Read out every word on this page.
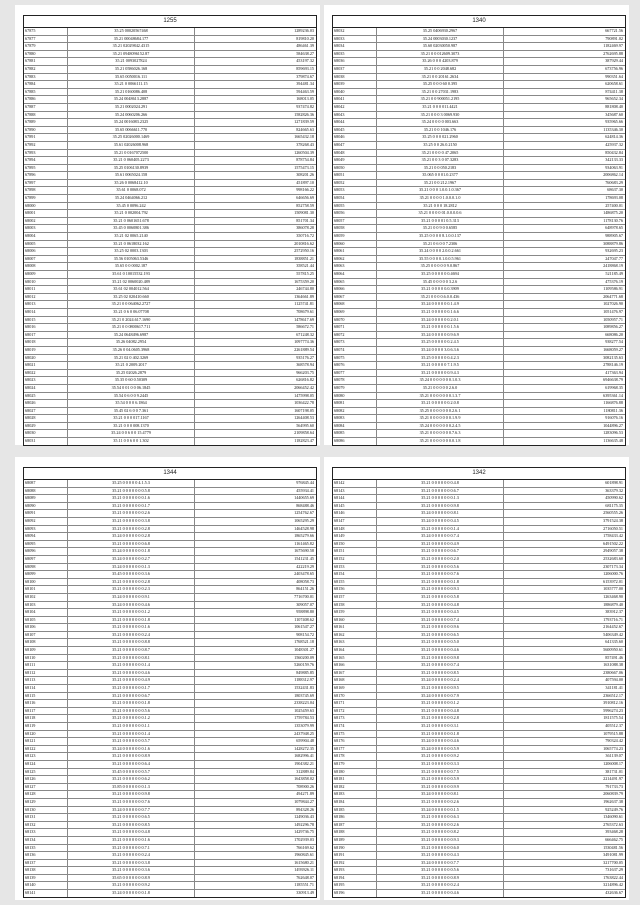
1255
67875	35.25 00020567468	1289236.03
67877	35.21 00048684.177	819810.20
67879	35.21 02029842.4315	486461.39
67880	35.21 0948096152.87	584638.27
67881	35.21 0093027824	453197.32
67882	35.21 0586026.168	859693.15
67883	35.65 0050016.111	379874.67
67884	35.21 0 0066111.15	394481.34
67885	35.21 0160086.408	594463.59
67886	35.24 0048613.2887	168013.05
67887	35.21 0002024.291	937474.82
67888	35.24 0060206.266	1582826.36
67889	35.24 0016083.2325	1271839.59
67890	35.65 0066611.770	824665.63
67891	35.25 02026000.1469	1665432.18
67892	35.61 02026008.968	378268.43
67893	35.21 0 0167072500	1260504.39
67894	35.21 0 060405.2273	878754.84
67895	35.25 0106130.8939	1575473.15
67896	35.61 0065024.158	308201.26
67897	35.26 0 0068412.10	451897.10
67898	35.61 0 0068.072	998166.22
67899	35.24 0464066.212	646656.69
68000	35.45 0 0096.242	852758.59
68001	35.21 0 002004.792	1509081.30
68002	35.21 0 0601651.678	851701.34
68003	35.45 0 0060801.386	386078.28
68004	35.21 02 0065.2140	350716.72
68005	35.21 0 0618032.162	2010816.62
68006	35.25 02 0003.1303	2572950.16
68007	35.56 0105063.5346	1838851.21
68008	35.65 0 0 0002.187	358521.44
68009	35.61 0 10015532.193	557815.25
68010	35.21 02 0060020.489	1675359.20
68011	35.61 02 004012.564	246744.80
68012	35.25 02 020410.660	1364661.89
68013	35.21 0 0 064062.2727	1125741.81
68014	35.21 0 6 0 06.07708	708679.61
68015	35.21 0 2024.617.1690	1478617.69
68016	35.21 0 0 0800617.711	586672.71
68017	35.24 0648496.6987	671248.32
68018	35.26 04082.2954	1097774.36
68019	35.26 0 04.0605.3968	2261889.54
68020	35.21 02 0 402.3269	935176.27
68021	35.21 0 2009.2017	368578.94
68022	35.25 02026.2879	966203.75
68023	35.35 0 60 0.50309	626816.82
68024	35.54 0 01 0 0 06.1845	2066452.42
68025	35.54 0 6 0 0 9.2445	1475998.05
68026	35.54 0 0 0 6.1864	1036422.78
68027	35.45 02 6 0 0 7.361	1607198.05
68028	35.21 0 0 0 017.1167	1264408.53
68029	35.21 0 0 0 008.1370	564995.60
68030	35.24 0 0 6 0 0 15.4779	2109858.64
68031	35.11 0 0 6 0 0 1.302	1182823.47
1340
68032	35.25 0406930.2967	667721.56
68033	35.24 0003030.1237	790891.02
68034	35.60 02030050.987	1182469.97
68035	35.21 0 0 012609.3073	2762695.88
68036	35.26 0 0 0 4203.879	387929.44
68037	35.21 0 0 2048.682	673756.96
68038	35.21 0 0 20161.2634	990351.64
68039	35.25 0 0 0 60 0.395	620658.61
68040	35.21 0 0 27031.1983	874411.38
68041	35.21 0 0 900051.2195	965652.34
68042	35.21 0 0 0 011.4421	881808.40
68043	35.21 0 0 0 3 0069.930	345687.60
68044	35.24 0 0 0 0 003.663	935965.66
68045	35.21 0 0 1046.176	1135346.30
68046	35.25 0 0 0 021.2960	624814.36
68047	35.25 0 0 26.0.2150	425937.32
68048	35.21 0 0 0 0 47.2065	850432.84
68049	35.21 0 0 3 0 07.3283	342133.33
68050	35.21 0 0 050.2183	934063.91
68051	35.065 0 0 01.0.2377	2006862.14
68052	35.21 0 0 212.1967	760683.29
68053	35.21 0 0 0 1.0.0.1.0.367	68637.30
68054	35.21 0 0 0 0 1.0.0.0.1.0	178693.08
68055	35.21 0 0 0 18.2812	257400.01
68056	35.21 0 0 0 0 01.0.0.0.0.6	1486875.20
68057	35.21 0 0 0 01 0.5.313	1178130.76
68058	35.21 0 0 9 0 0.6585	648978.65
68059	35.25 0 0 0 0 8.1.0.0.137	988905.67
68060	35.21 0 6 0 0 7.2306	3088879.86
68061	35.24 0 0 0 0 2.0.0.2.661	932695.23
68062	35.55 0 0 0 0.1.0.0.5.961	247047.77
68063	35.25 0 0 0 0 0 9.0.867	2418868.19
68064	35.25 0 0 0 0 0 0.4694	521185.49
68065	35.45 0 0 0 0 0 3.2.6	475376.19
68066	35.21 0 0 0 0 0.0.3909	1109586.91
68067	35.21 0 0 0 0.6.0.0.436	2064771.68
68068	35.24 0 0 0 0 0 0.1.4.9	1027026.90
68069	35.21 0 0 0 0 0 0.1.6.6	1051476.97
68070	35.24 0 0 0 0 0 0.2.0.1	1050957.71
68071	35.21 0 0 0 0 0 0.1.5.6	1089856.27
68072	35.24 0 0 0 0 0 0.9.6.9	668086.20
68073	35.25 0 0 0 0 0 0.2.4.5	938277.54
68074	35.24 0 0 0 0 3.0.6.3.6	1668059.27
68075	35.25 0 0 0 0 0 0.4.2.3	3082135.63
68076	35.21 0 0 0 0 0 7.1.9.5	2788146.19
68077	35.21 0 0 0 0 0 0.9.4.3	417363.94
68078	35.24 0 0 0 0 0 0 0.1.0.3	6946638.79
68079	35.21 0 0 0 0 0 2.6.0	619968.35
68080	35.21 0 0 0 0 0 0 0.1.3.7	6395361.14
68081	35.21 0 0 0 0 0 0.2.0.8	1166876.88
68082	35.25 0 0 0 0 0 0 0.2.6.1	1180811.36
68083	35.21 0 0 0 0 0 0 0.1.9.9	916076.16
68084	35.24 0 0 0 0 0 0 0.2.4.5	1044896.27
68085	35.21 0 0 0 0 0 0 0.7.6.3	1283096.53
68086	35.21 0 0 0 0 0 0 0.0.1.8	1136635.48
1344
68087	35.25 0 0 0 0 0 4.1.5.3	976845.44
68088	35.21 0 0 0 0 0 0 0.5.8	455934.41
68089	35.21 0 0 0 0 0 0 0.1.6	1440655.69
68090	35.21 0 0 0 0 0 0 0.1.7	868488.46
68091	35.21 0 0 0 0 0 0 0.2.6	1254762.67
68092	35.21 0 0 0 0 0 0 0.3.8	1065295.29
68093	35.21 0 0 0 0 0 0 0.2.8	1464528.98
68094	35.24 0 0 0 0 0 0 0.2.8	1865279.66
68095	35.21 0 0 0 0 0 0 0.6.8	1161465.82
68096	35.24 0 0 0 0 0 0 0.1.8	1675690.58
68097	35.24 0 0 0 0 0 0 0.2.7	1541231.45
68098	35.24 0 0 0 0 0 0 0.1.3	422219.29
68099	35.45 0 0 0 0 0 0 0.3.6	2403478.65
68100	35.21 0 0 0 0 0 0 0.2.8	408058.73
68101	35.21 0 0 0 0 0 0 0.2.3	864151.26
68102	35.24 0 0 0 0 0 0 0.9.1	7716700.01
68103	35.24 0 0 0 0 0 0 0.4.6	309057.07
68104	35.21 0 0 0 0 0 0 0.1.2	958898.80
68105	35.21 0 0 0 0 0 0 0.1.8	1107408.62
68106	35.21 0 0 0 0 0 0 0.1.6	1061547.27
68107	35.21 0 0 0 0 0 0 0.2.4	908154.72
68108	35.21 0 0 0 0 0 0 0.8.8	1768521.18
68109	35.21 0 0 0 0 0 0 0.8.7	1048301.27
68110	35.21 0 0 0 0 0 0 0.8.1	1560200.09
68111	35.21 0 0 0 0 0 0 0.1.4	5260159.76
68112	35.21 0 0 0 0 0 0 0.4.6	849885.85
68113	35.21 0 0 0 0 0 0 0.4.9	1188312.97
68114	35.21 0 0 0 0 0 0 0.1.7	1532431.83
68115	35.21 0 0 0 0 0 0 0.6.7	1803745.69
68116	35.21 0 0 0 0 0 0 0.1.8	2338223.04
68117	35.21 0 0 0 0 0 0 0.5.6	1025459.63
68118	35.21 0 0 0 0 0 0 0.1.2	1759784.53
68119	35.21 0 0 0 0 0 0 0.1.1	1353079.99
68120	35.21 0 0 0 0 0 0 0.1.4	2437948.25
68121	35.21 0 0 0 0 0 0 0.5.7	659904.48
68122	35.24 0 0 0 0 0 0 0.1.6	1428272.35
68123	35.21 0 0 0 0 0 0 0.8.9	1682996.41
68124	35.21 0 0 0 0 0 0 0.6.4	1904382.21
68125	35.45 0 0 0 0 0 0 0.5.7	312889.84
68126	35.21 0 0 0 0 0 0 0.6.2	1643858.02
68127	35.85 0 0 0 0 0 0 0.1.3	708900.26
68128	35.21 0 0 0 0 0 0 0.9.8	494271.89
68129	35.21 0 0 0 0 0 0 0.7.6	1079844.27
68130	35.24 0 0 0 0 0 0 0.7.7	894328.26
68131	35.21 0 0 0 0 0 0 0.6.5	1249036.43
68132	35.21 0 0 0 0 0 0 0.8.5	1492296.78
68133	35.21 0 0 0 0 0 0 0.4.8	1429736.75
68134	35.21 0 0 0 0 0 0 0.1.6	1702939.03
68135	35.21 0 0 0 0 0 0 0.7.1	766169.62
68136	35.21 0 0 0 0 0 0 0.2.4	1960845.61
68137	35.21 0 0 0 0 0 0 0.3.8	1615680.21
68138	35.21 0 0 0 0 0 0 0.3.6	1493926.11
68139	35.65 0 0 0 0 0 0 0.8.9	762648.07
68140	35.21 0 0 0 0 0 0 0.9.2	1185551.71
68141	35.24 0 0 0 0 0 0 0.1.8	330913.49
1342
68142	35.21 0 0 0 0 0 0 0.4.8	601898.91
68143	35.21 0 0 0 0 0 0 0.6.7	363379.32
68144	35.21 0 0 0 0 0 0 0.1.3	450990.62
68145	35.21 0 0 0 0 0 0 0.9.8	681175.35
68146	35.24 0 0 0 0 0 0 0.8.1	2560555.26
68147	35.24 0 0 0 0 0 0 0.4.5	3791524.38
68148	35.21 0 0 0 0 0 0 0.1.4	2716050.51
68149	35.24 0 0 0 0 0 0 0.7.4	1758433.42
68150	35.21 0 0 0 0 0 0 0.4.9	6491502.22
68151	35.21 0 0 0 0 0 0 0.6.7	2949057.38
68152	35.21 0 0 0 0 0 0 0.2.0	2532683.60
68153	35.21 0 0 0 0 0 0 0.5.6	2307173.34
68154	35.21 0 0 0 0 0 0 0.7.6	1206000.76
68155	35.21 0 0 0 0 0 0 0.1.8	6153972.01
68156	35.21 0 0 0 0 0 0 0.9.3	1035777.00
68157	35.21 0 0 0 0 0 0 0.5.8	1263468.90
68158	35.21 0 0 0 0 0 0 0.4.8	1886879.40
68159	35.21 0 0 0 0 0 0 0.4.5	383912.37
68160	35.21 0 0 0 0 0 0 0.7.4	1793716.71
68161	35.21 0 0 0 0 0 0 0.9.6	2164452.67
68162	35.21 0 0 0 0 0 0 0.6.5	5406349.42
68163	35.21 0 0 0 0 0 0 0.5.0	641335.60
68164	35.21 0 0 0 0 0 0 0.4.6	5600950.61
68165	35.21 0 0 0 0 0 0 0.9.8	857491.46
68166	35.21 0 0 0 0 0 0 0.7.4	1631088.38
68167	35.21 0 0 0 0 0 0 0.8.5	2380667.06
68168	35.24 0 0 0 0 0 0 0.2.4	407594.00
68169	35.21 0 0 0 0 0 0 0.9.5	341181.41
68170	35.24 0 0 0 0 0 0 0.7.9	2366512.17
68171	35.21 0 0 0 0 0 0 0.1.2	3910812.16
68172	35.21 0 0 0 0 0 0 0.4.8	5996274.23
68173	35.21 0 0 0 0 0 0 0.2.8	1811575.54
68174	35.21 0 0 0 0 0 0 0.3.1	405512.37
68175	35.21 0 0 0 0 0 0 0.1.8	1079515.88
68176	35.24 0 0 0 0 0 0 0.4.6	790324.42
68177	35.24 0 0 0 0 0 0 0.5.9	1065774.23
68178	35.21 0 0 0 0 0 0 0.9.2	361139.07
68179	35.21 0 0 0 0 0 0 0.3.3	1206008.17
68180	35.21 0 0 0 0 0 0 0.7.5	381731.01
68181	35.21 0 0 0 0 0 0 0.5.9	2214491.97
68182	35.21 0 0 0 0 0 0 0.9.9	791733.73
68183	35.24 0 0 0 0 0 0 0.8.1	2060839.79
68184	35.21 0 0 0 0 0 0 0.2.6	1962637.38
68185	35.24 0 0 0 0 0 0 0.1.5	925249.76
68186	35.21 0 0 0 0 0 0 0.6.3	1346090.61
68187	35.21 0 0 0 0 0 0 0.2.6	2765372.63
68188	35.21 0 0 0 0 0 0 0.8.2	393468.28
68189	35.21 0 0 0 0 0 0 0.9.3	666462.75
68190	35.21 0 0 0 0 0 0 0.6.0	1530481.56
68191	35.21 0 0 0 0 0 0 0.4.3	3491081.99
68192	35.24 0 0 0 0 0 0 0.7.7	3217700.05
68193	35.21 0 0 0 0 0 0 0.5.6	731637.29
68194	35.21 0 0 0 0 0 0 0.8.9	1763822.44
68195	35.21 0 0 0 0 0 0 0.2.4	3214896.42
68196	35.21 0 0 0 0 0 0 0.4.6	432636.67
